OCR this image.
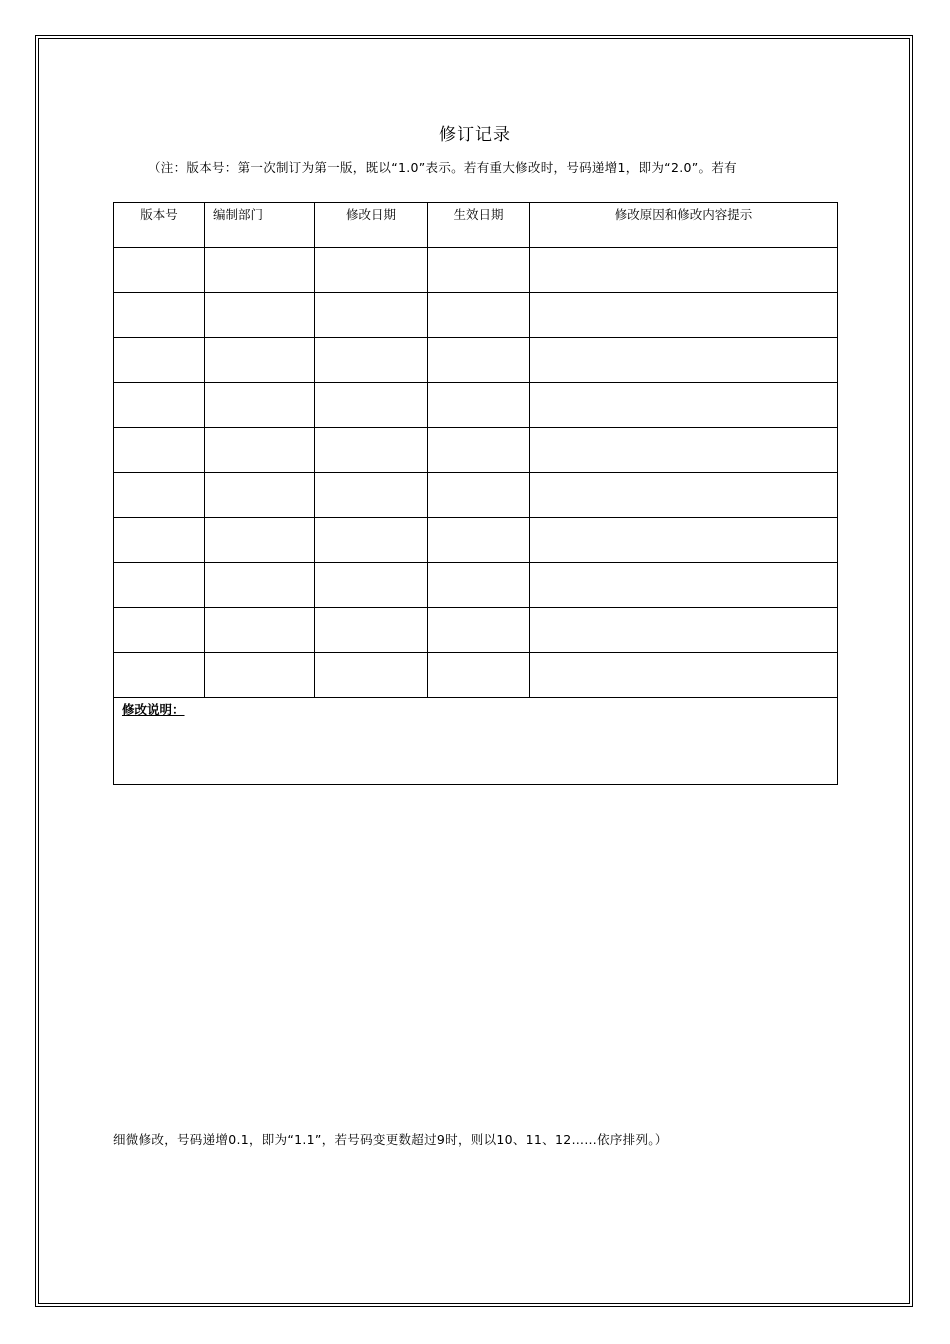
修订记录
（注：版本号：第一次制订为第一版，既以“1.0”表示。若有重大修改时，号码递增1，即为“2.0”。若有
版本号	编制部门	修改日期	生效日期	修改原因和修改内容提示

修改说明：				
细微修改，号码递增0.1，即为“1.1”，若号码变更数超过9时，则以10、11、12……依序排列。）
